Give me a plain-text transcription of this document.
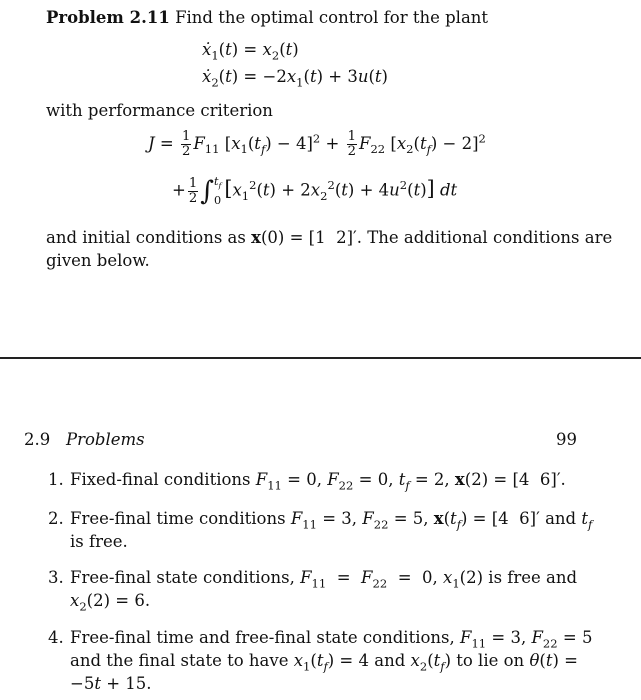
Problem 2.11 Find the optimal control for the plant
$ẋ_1(t) = x_2(t)$
$ẋ_2(t) = -2x_1(t) + 3u(t)$
with performance criterion
$J = \frac{1}{2} F_{11}$ $[x_1(t_f) - 4]^2 + \frac{1}{2} F_{22}$ $[x_2(t_f) - 2]^2$
+ $\frac{1}{2}$ ∫ $t_f$
0 $[x_1^2(t) + 2x_2^2(t) + 4u^2(t)]$ dt
and initial conditions as x(0) = [1  2]′. The additional conditions are
given below.
2.9 Problems	99
1. Fixed-final conditions $F_{11} = 0$, $F_{22} = 0$, $t_f = 2$, x(2) = [4  6]′.
2. Free-final time conditions $F_{11} = 3$, $F_{22} = 5$, $x(t_f) = [4$  6]′ and $t_f$
is free.
3. Free-final state conditions, $F_{11} = F_{22} = 0$, $x_1(2)$ is free and
$x_2(2) = 6$.
4. Free-final time and free-final state conditions, $F_{11} = 3$, $F_{22} = 5$
and the final state to have $x_1(t_f) = 4$ and $x_2(t_f)$ to lie on θ(t) =
−5t + 15.
